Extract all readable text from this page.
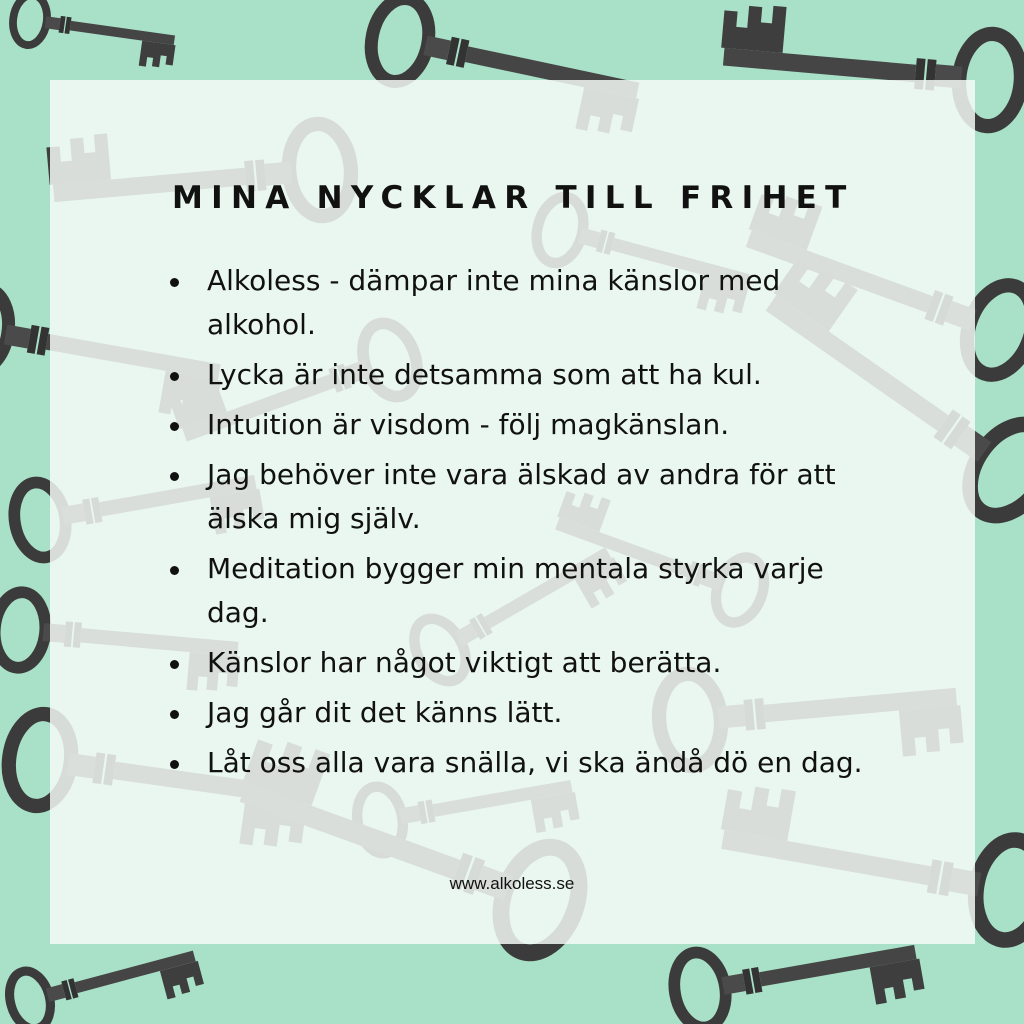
MINA NYCKLAR TILL FRIHET
Alkoless - dämpar inte mina känslor med alkohol.
Lycka är inte detsamma som att ha kul.
Intuition är visdom - följ magkänslan.
Jag behöver inte vara älskad av andra för att älska mig själv.
Meditation bygger min mentala styrka varje dag.
Känslor har något viktigt att berätta.
Jag går dit det känns lätt.
Låt oss alla vara snälla, vi ska ändå dö en dag.
www.alkoless.se
